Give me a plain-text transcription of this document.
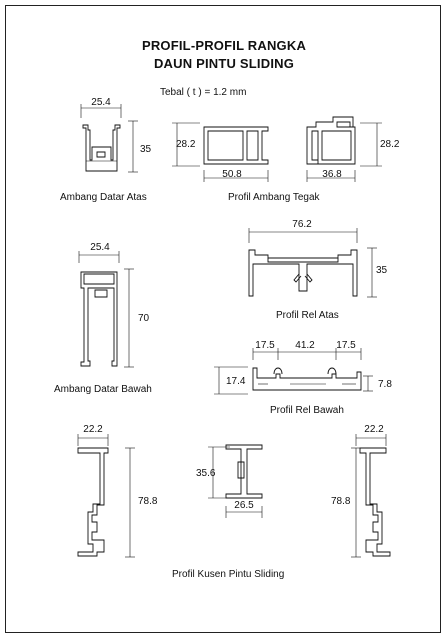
PROFIL-PROFIL RANGKA
DAUN PINTU SLIDING
Tebal ( t ) = 1.2 mm
25.4
35
Ambang Datar Atas
28.2
50.8	36.8
28.2
Profil Ambang Tegak
25.4
70
Ambang Datar Bawah
76.2
35
Profil Rel Atas
17.5 41.2 17.5
17.4	7.8
Profil Rel Bawah
22.2
78.8
35.6
26.5
22.2
78.8
Profil Kusen Pintu Sliding
